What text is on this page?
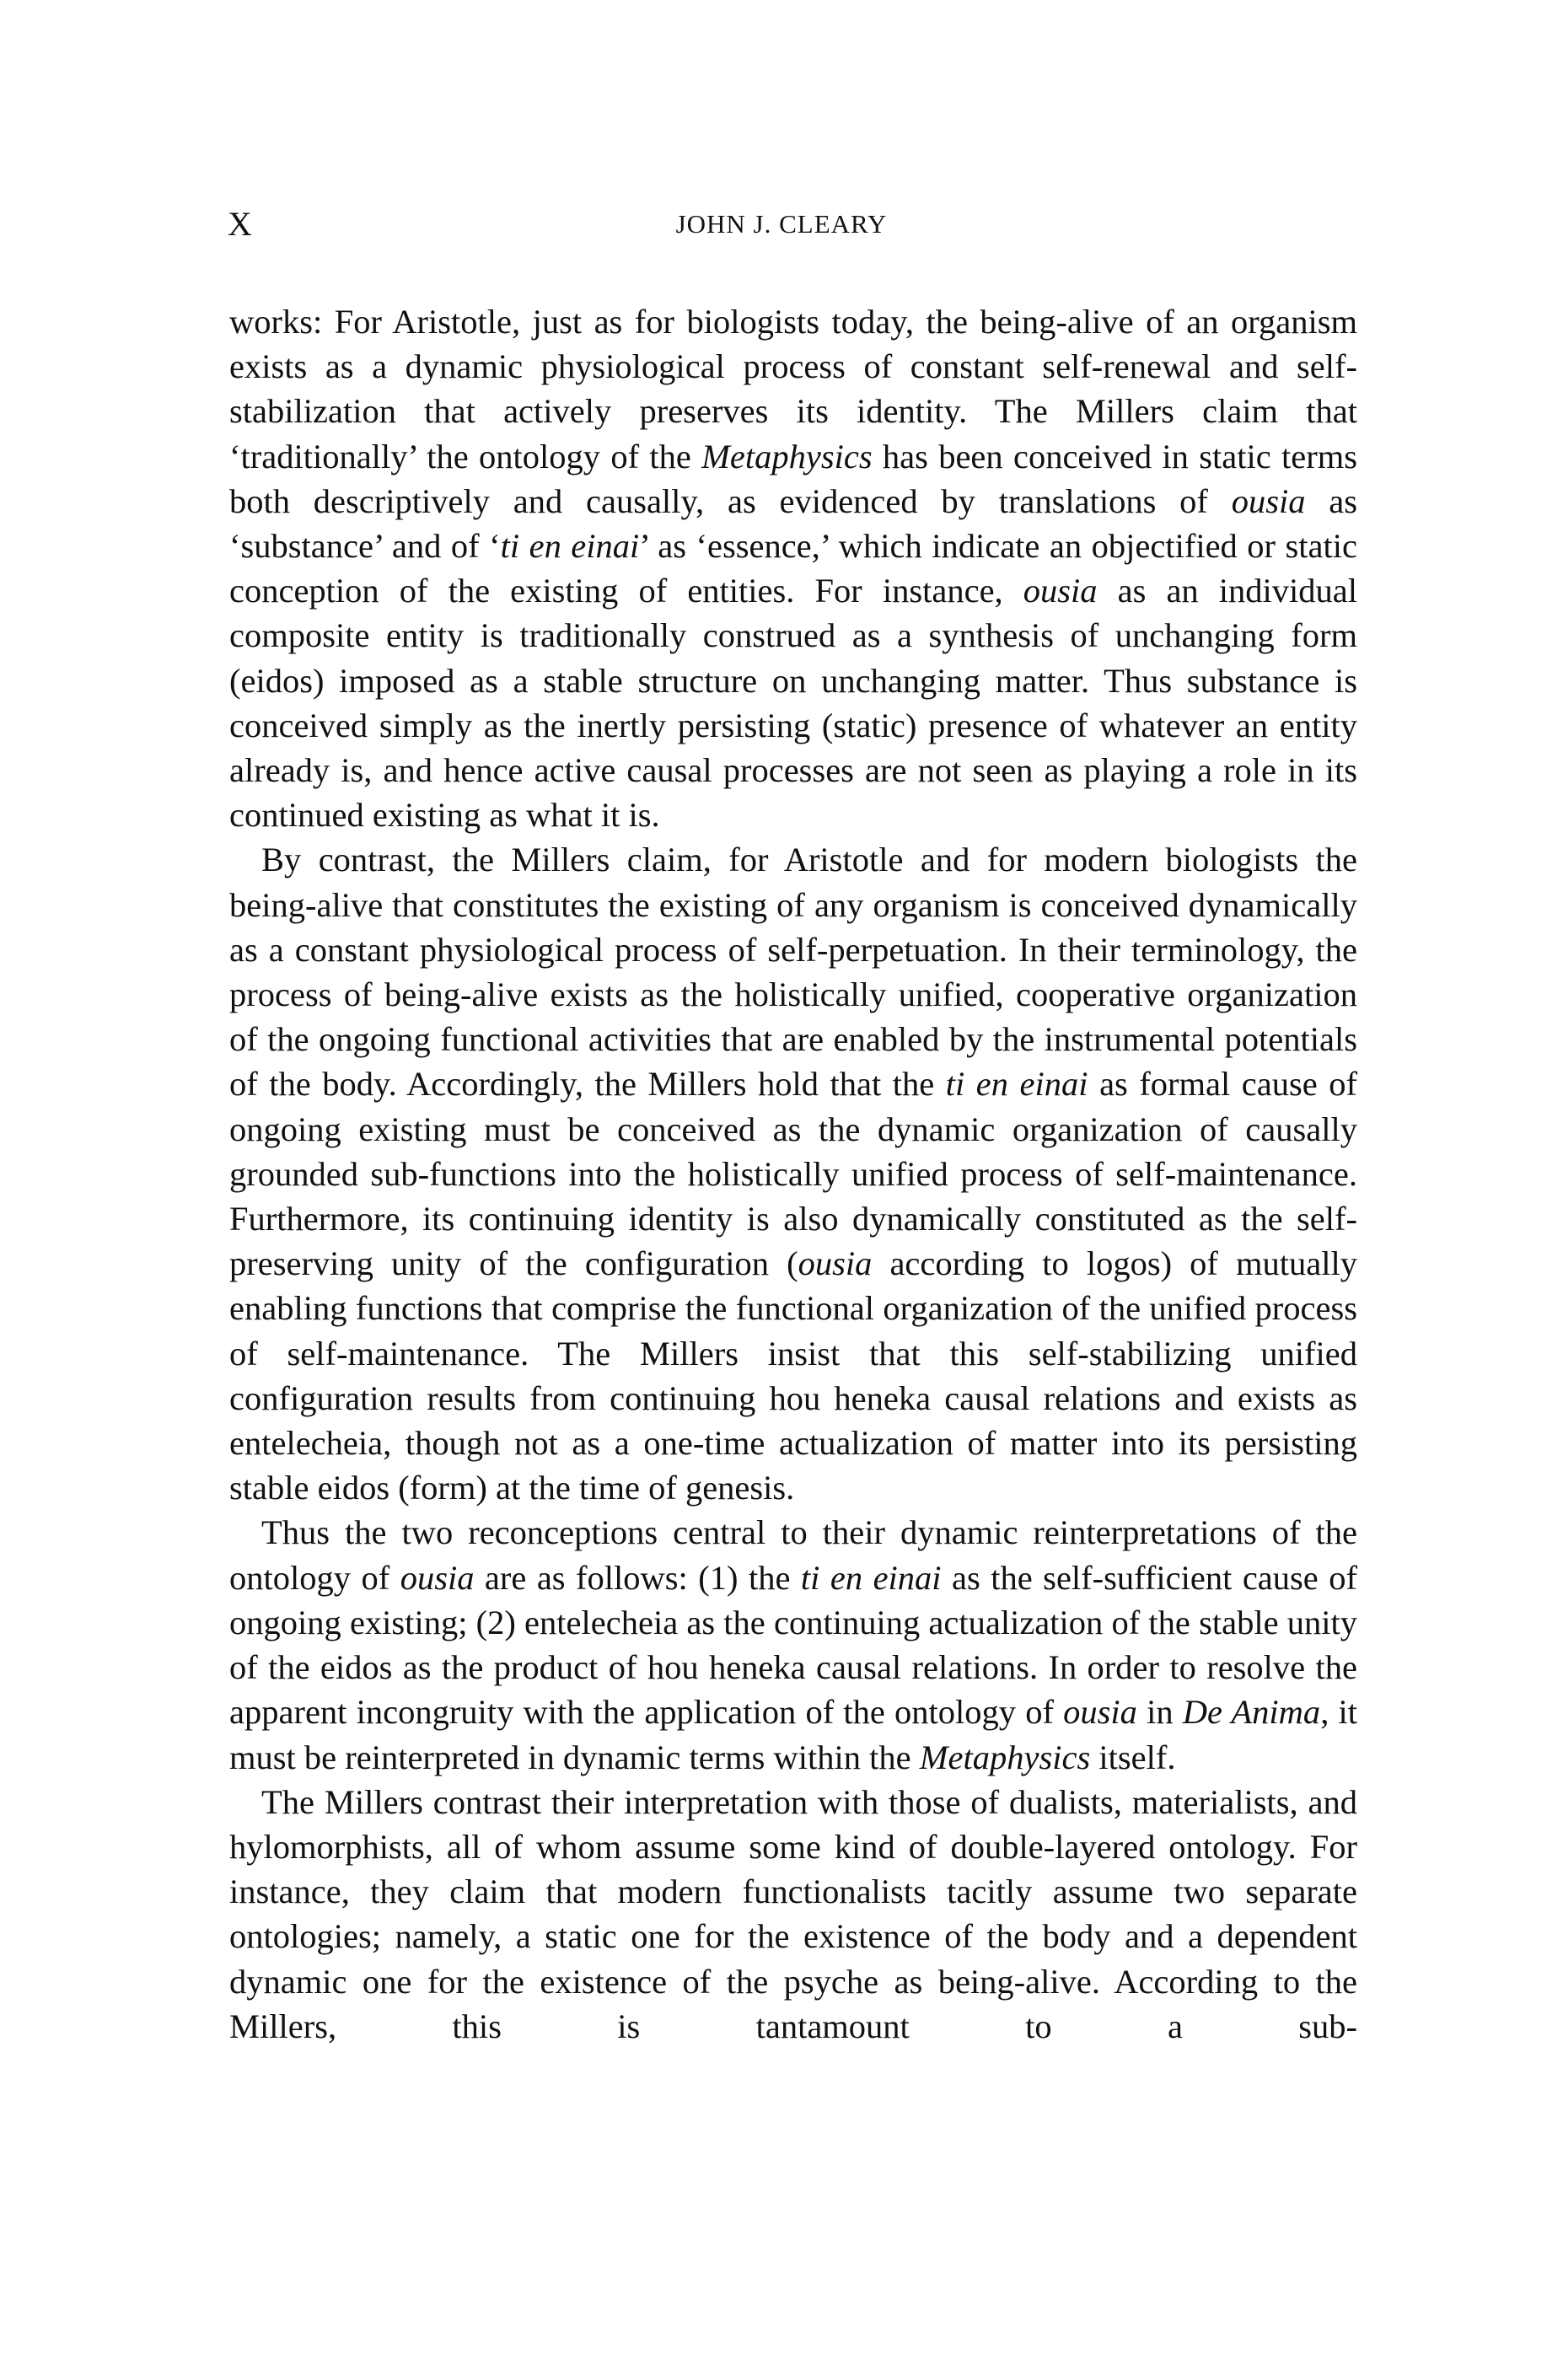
X	JOHN J. CLEARY

works: For Aristotle, just as for biologists today, the being-alive of an organism exists as a dynamic physiological process of constant self-renewal and self-stabilization that actively preserves its identity. The Millers claim that ‘traditionally’ the ontology of the Metaphysics has been conceived in static terms both descriptively and causally, as evidenced by translations of ousia as ‘substance’ and of ‘ti en einai’ as ‘essence,’ which indicate an objectified or static conception of the existing of entities. For instance, ousia as an individual composite entity is traditionally construed as a synthesis of unchanging form (eidos) imposed as a stable structure on unchanging matter. Thus substance is conceived simply as the inertly persisting (static) presence of whatever an entity already is, and hence active causal processes are not seen as playing a role in its continued existing as what it is.

By contrast, the Millers claim, for Aristotle and for modern biologists the being-alive that constitutes the existing of any organism is conceived dynamically as a constant physiological process of self-perpetuation. In their terminology, the process of being-alive exists as the holistically unified, cooperative organization of the ongoing functional activities that are enabled by the instrumental potentials of the body. Accordingly, the Millers hold that the ti en einai as formal cause of ongoing existing must be conceived as the dynamic organization of causally grounded sub-functions into the holistically unified process of self-maintenance. Furthermore, its continuing identity is also dynamically constituted as the self-preserving unity of the configuration (ousia according to logos) of mutually enabling functions that comprise the functional organization of the unified process of self-maintenance. The Millers insist that this self-stabilizing unified configuration results from continuing hou heneka causal relations and exists as entelecheia, though not as a one-time actualization of matter into its persisting stable eidos (form) at the time of genesis.

Thus the two reconceptions central to their dynamic reinterpretations of the ontology of ousia are as follows: (1) the ti en einai as the self-sufficient cause of ongoing existing; (2) entelecheia as the continuing actualization of the stable unity of the eidos as the product of hou heneka causal relations. In order to resolve the apparent incongruity with the application of the ontology of ousia in De Anima, it must be reinterpreted in dynamic terms within the Metaphysics itself.

The Millers contrast their interpretation with those of dualists, materialists, and hylomorphists, all of whom assume some kind of double-layered ontology. For instance, they claim that modern functionalists tacitly assume two separate ontologies; namely, a static one for the existence of the body and a dependent dynamic one for the existence of the psyche as being-alive. According to the Millers, this is tantamount to a sub-
